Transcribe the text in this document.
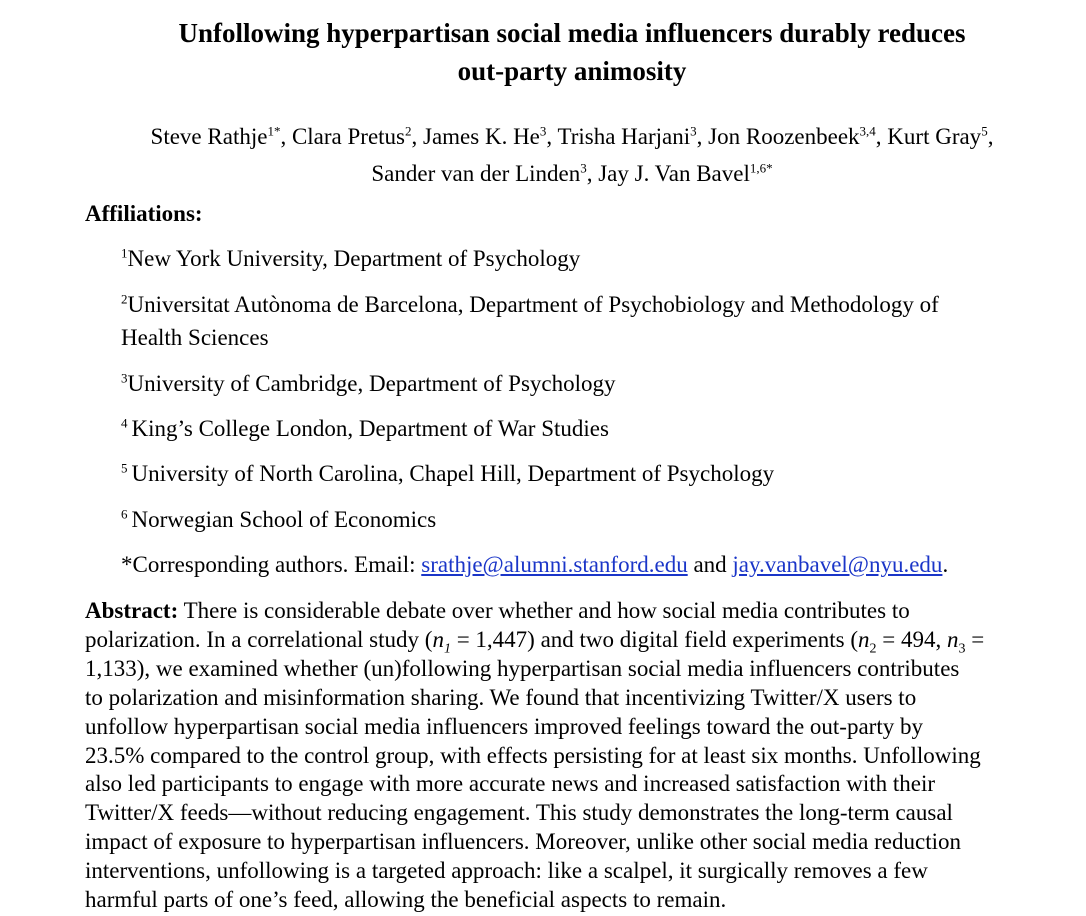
Unfollowing hyperpartisan social media influencers durably reduces
out-party animosity
Steve Rathje$^{1*}$, Clara Pretus$^2$, James K. He$^3$, Trisha Harjani$^3$, Jon Roozenbeek$^{3,4}$, Kurt Gray$^5$,
Sander van der Linden$^3$, Jay J. Van Bavel$^{1,6*}$
Affiliations:
$^1$New York University, Department of Psychology
$^2$Universitat Autònoma de Barcelona, Department of Psychobiology and Methodology of
Health Sciences
$^3$University of Cambridge, Department of Psychology
$^4$ King’s College London, Department of War Studies
$^5$ University of North Carolina, Chapel Hill, Department of Psychology
$^6$ Norwegian School of Economics
*Corresponding authors. Email: srathje@alumni.stanford.edu and jay.vanbavel@nyu.edu.
Abstract: There is considerable debate over whether and how social media contributes to
polarization. In a correlational study $(n_1 = 1,447)$ and two digital field experiments ($n_2 = 494$, $n_3$ =
1,133), we examined whether (un)following hyperpartisan social media influencers contributes
to polarization and misinformation sharing. We found that incentivizing Twitter/X users to
unfollow hyperpartisan social media influencers improved feelings toward the out-party by
23.5% compared to the control group, with effects persisting for at least six months. Unfollowing
also led participants to engage with more accurate news and increased satisfaction with their
Twitter/X feeds—without reducing engagement. This study demonstrates the long-term causal
impact of exposure to hyperpartisan influencers. Moreover, unlike other social media reduction
interventions, unfollowing is a targeted approach: like a scalpel, it surgically removes a few
harmful parts of one’s feed, allowing the beneficial aspects to remain.
